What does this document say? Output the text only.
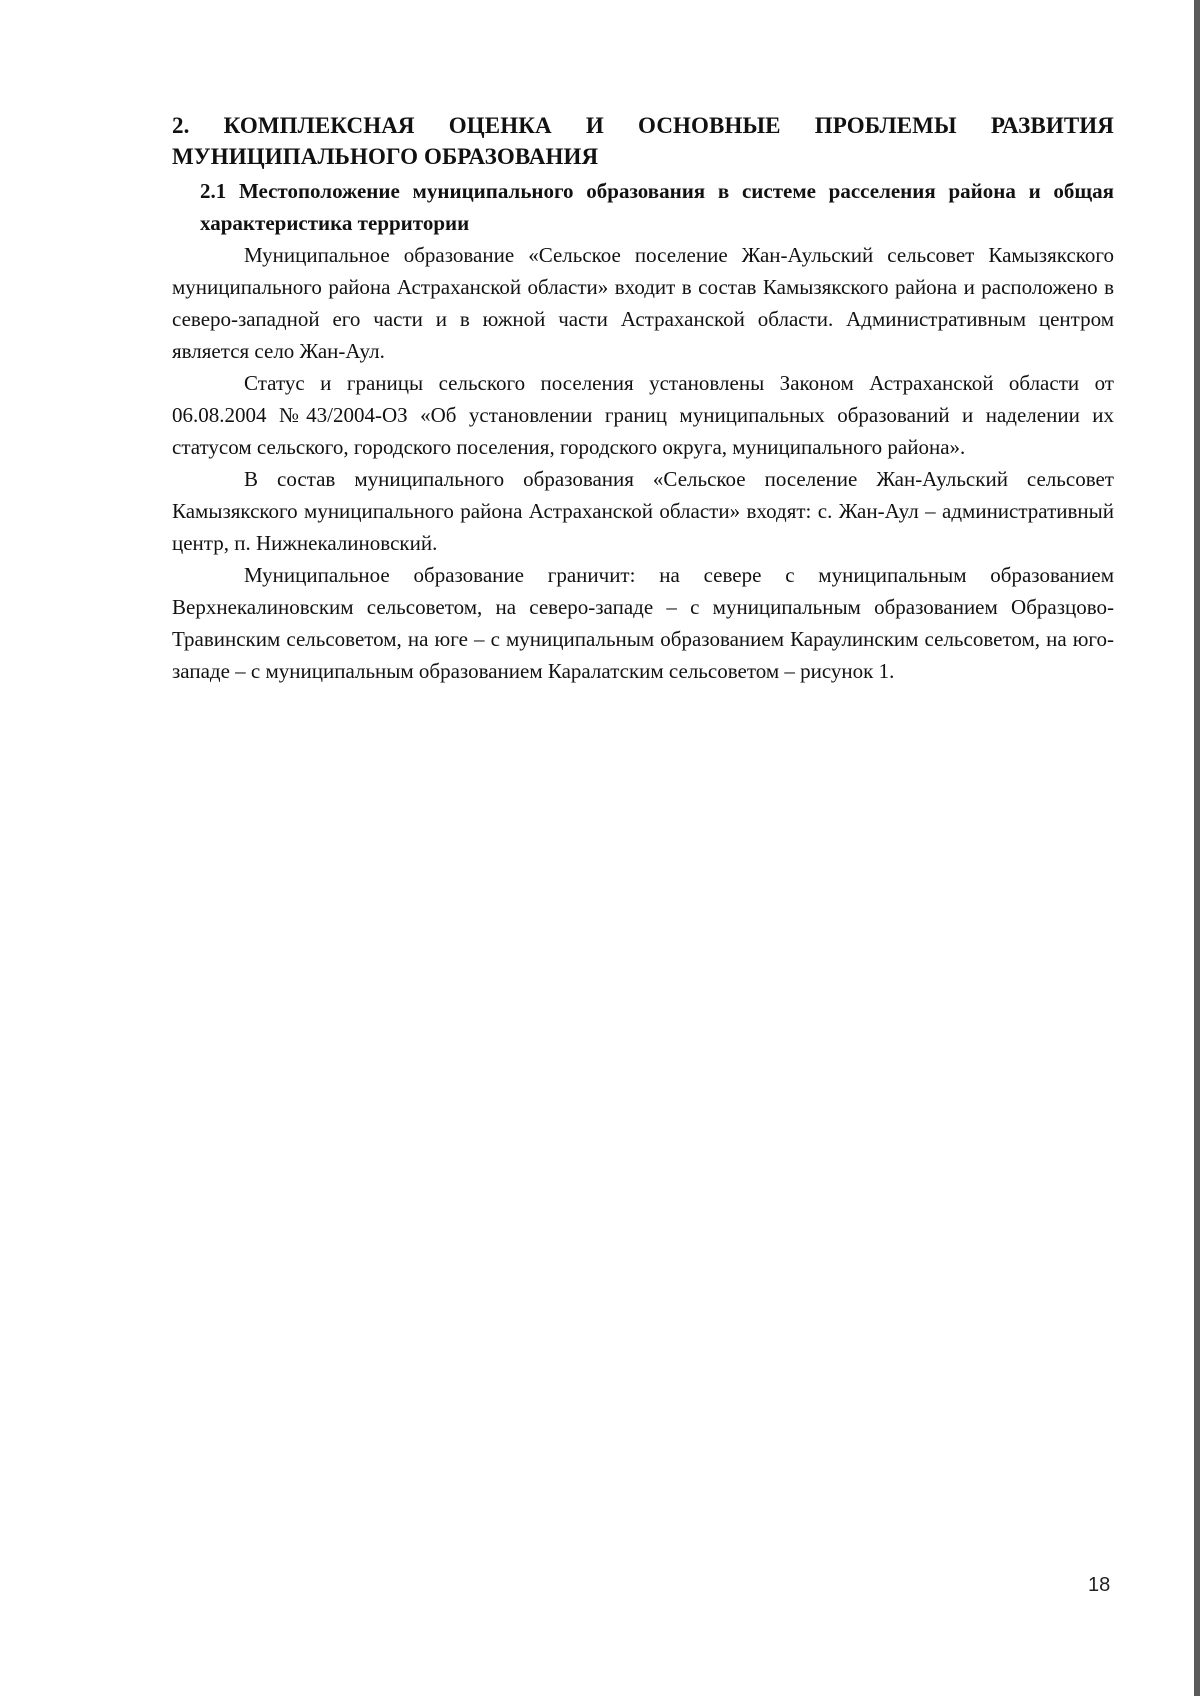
2. КОМПЛЕКСНАЯ ОЦЕНКА И ОСНОВНЫЕ ПРОБЛЕМЫ РАЗВИТИЯ
МУНИЦИПАЛЬНОГО ОБРАЗОВАНИЯ
2.1 Местоположение муниципального образования в системе расселения района и общая характеристика территории

Муниципальное образование «Сельское поселение Жан-Аульский сельсовет Камызякского муниципального района Астраханской области» входит в состав Камызякского района и расположено в северо-западной его части и в южной части Астраханской области. Административным центром является село Жан-Аул.

Статус и границы сельского поселения установлены Законом Астраханской области от 06.08.2004 №43/2004-ОЗ «Об установлении границ муниципальных образований и наделении их статусом сельского, городского поселения, городского округа, муниципального района».

В состав муниципального образования «Сельское поселение Жан-Аульский сельсовет Камызякского муниципального района Астраханской области» входят: с. Жан-Аул – административный центр, п. Нижнекалиновский.

Муниципальное образование граничит: на севере с муниципальным образованием Верхнекалиновским сельсоветом, на северо-западе – с муниципальным образованием Образцово-Травинским сельсоветом, на юге – с муниципальным образованием Караулинским сельсоветом, на юго-западе – с муниципальным образованием Каралатским сельсоветом – рисунок 1.

18
